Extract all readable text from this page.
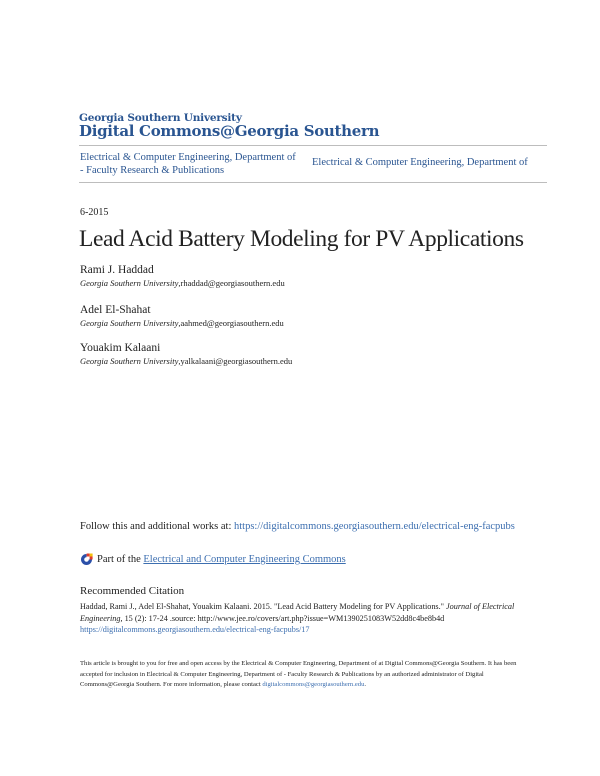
Georgia Southern University
Digital Commons@Georgia Southern
Electrical & Computer Engineering, Department of
- Faculty Research & Publications
Electrical & Computer Engineering, Department of
6-2015
Lead Acid Battery Modeling for PV Applications
Rami J. Haddad
Georgia Southern University,rhaddad@georgiasouthern.edu
Adel El-Shahat
Georgia Southern University,aahmed@georgiasouthern.edu
Youakim Kalaani
Georgia Southern University,yalkalaani@georgiasouthern.edu
Follow this and additional works at: https://digitalcommons.georgiasouthern.edu/electrical-eng-facpubs
Part of the
Electrical and Computer Engineering Commons
Recommended Citation
Haddad, Rami J., Adel El-Shahat, Youakim Kalaani. 2015. "Lead Acid Battery Modeling for PV Applications." Journal of Electrical Engineering, 15 (2): 17-24 .source: http://www.jee.ro/covers/art.php?issue=WM1390251083W52dd8c4be8b4d
https://digitalcommons.georgiasouthern.edu/electrical-eng-facpubs/17
This article is brought to you for free and open access by the Electrical & Computer Engineering, Department of at Digital Commons@Georgia Southern. It has been accepted for inclusion in Electrical & Computer Engineering, Department of - Faculty Research & Publications by an authorized administrator of Digital Commons@Georgia Southern. For more information, please contact digitalcommons@georgiasouthern.edu.
